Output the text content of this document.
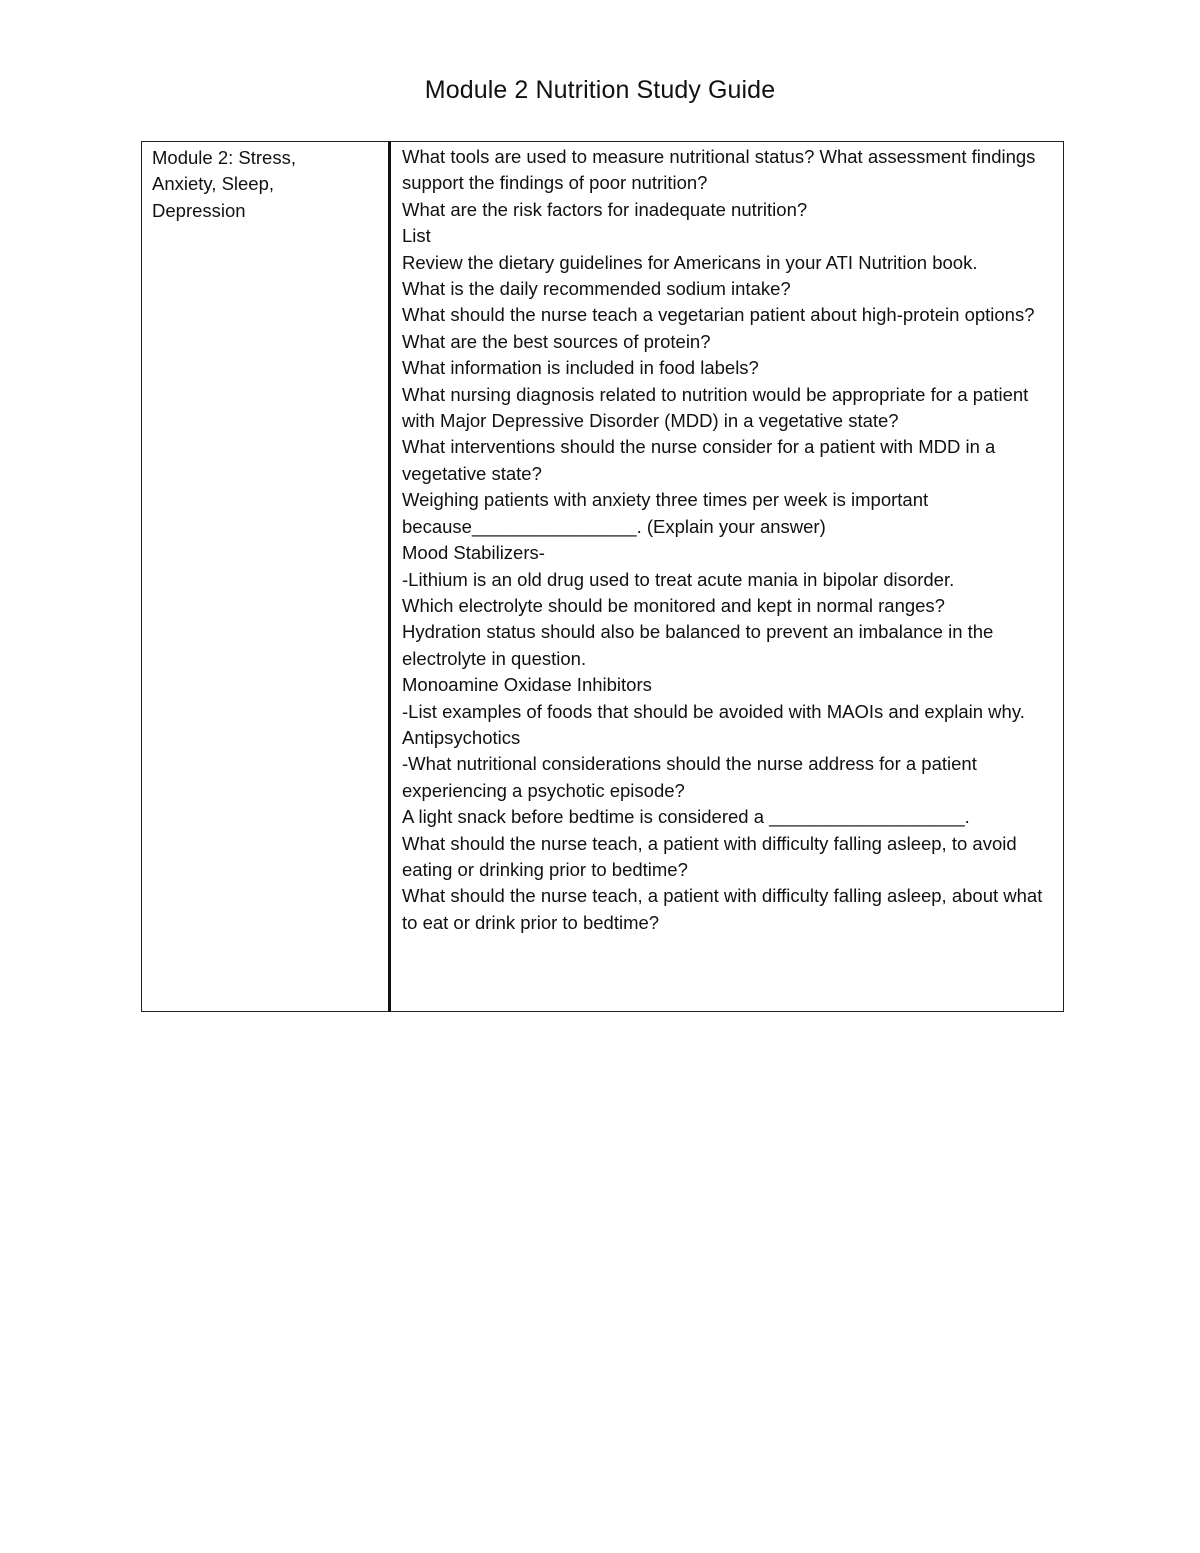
Module 2 Nutrition Study Guide
Module 2: Stress,
Anxiety, Sleep,
Depression

What tools are used to measure nutritional status? What assessment findings support the findings of poor nutrition?
What are the risk factors for inadequate nutrition?
List
Review the dietary guidelines for Americans in your ATI Nutrition book.
What is the daily recommended sodium intake?
What should the nurse teach a vegetarian patient about high-protein options?
What are the best sources of protein?
What information is included in food labels?
What nursing diagnosis related to nutrition would be appropriate for a patient with Major Depressive Disorder (MDD) in a vegetative state?
What interventions should the nurse consider for a patient with MDD in a vegetative state?
Weighing patients with anxiety three times per week is important because________________. (Explain your answer)
Mood Stabilizers-
-Lithium is an old drug used to treat acute mania in bipolar disorder.
Which electrolyte should be monitored and kept in normal ranges?
Hydration status should also be balanced to prevent an imbalance in the electrolyte in question.
Monoamine Oxidase Inhibitors
-List examples of foods that should be avoided with MAOIs and explain why.
Antipsychotics
-What nutritional considerations should the nurse address for a patient experiencing a psychotic episode?
A light snack before bedtime is considered a ___________________.
What should the nurse teach, a patient with difficulty falling asleep, to avoid eating or drinking prior to bedtime?
What should the nurse teach, a patient with difficulty falling asleep, about what to eat or drink prior to bedtime?
